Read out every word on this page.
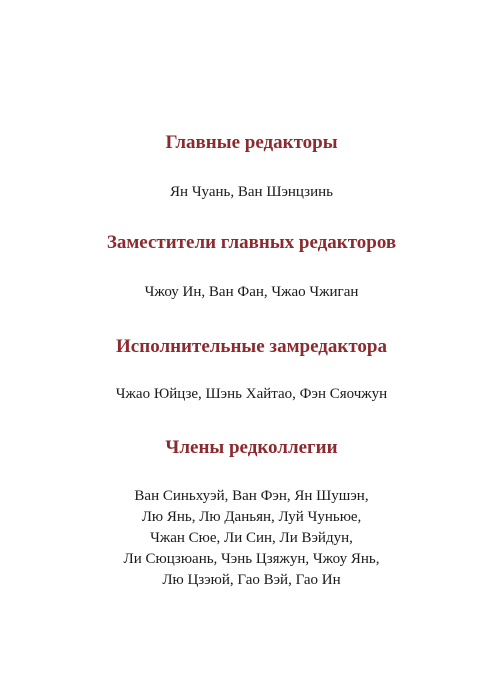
Главные редакторы
Ян Чуань, Ван Шэнцзинь
Заместители главных редакторов
Чжоу Ин, Ван Фан, Чжао Чжиган
Исполнительные замредактора
Чжао Юйцзе, Шэнь Хайтао, Фэн Сяочжун
Члены редколлегии
Ван Синьхуэй, Ван Фэн, Ян Шушэн,
Лю Янь, Лю Даньян, Луй Чуньюе,
Чжан Сюе, Ли Син, Ли Вэйдун,
Ли Сюцзюань, Чэнь Цзяжун, Чжоу Янь,
Лю Цзэюй, Гао Вэй, Гао Ин
